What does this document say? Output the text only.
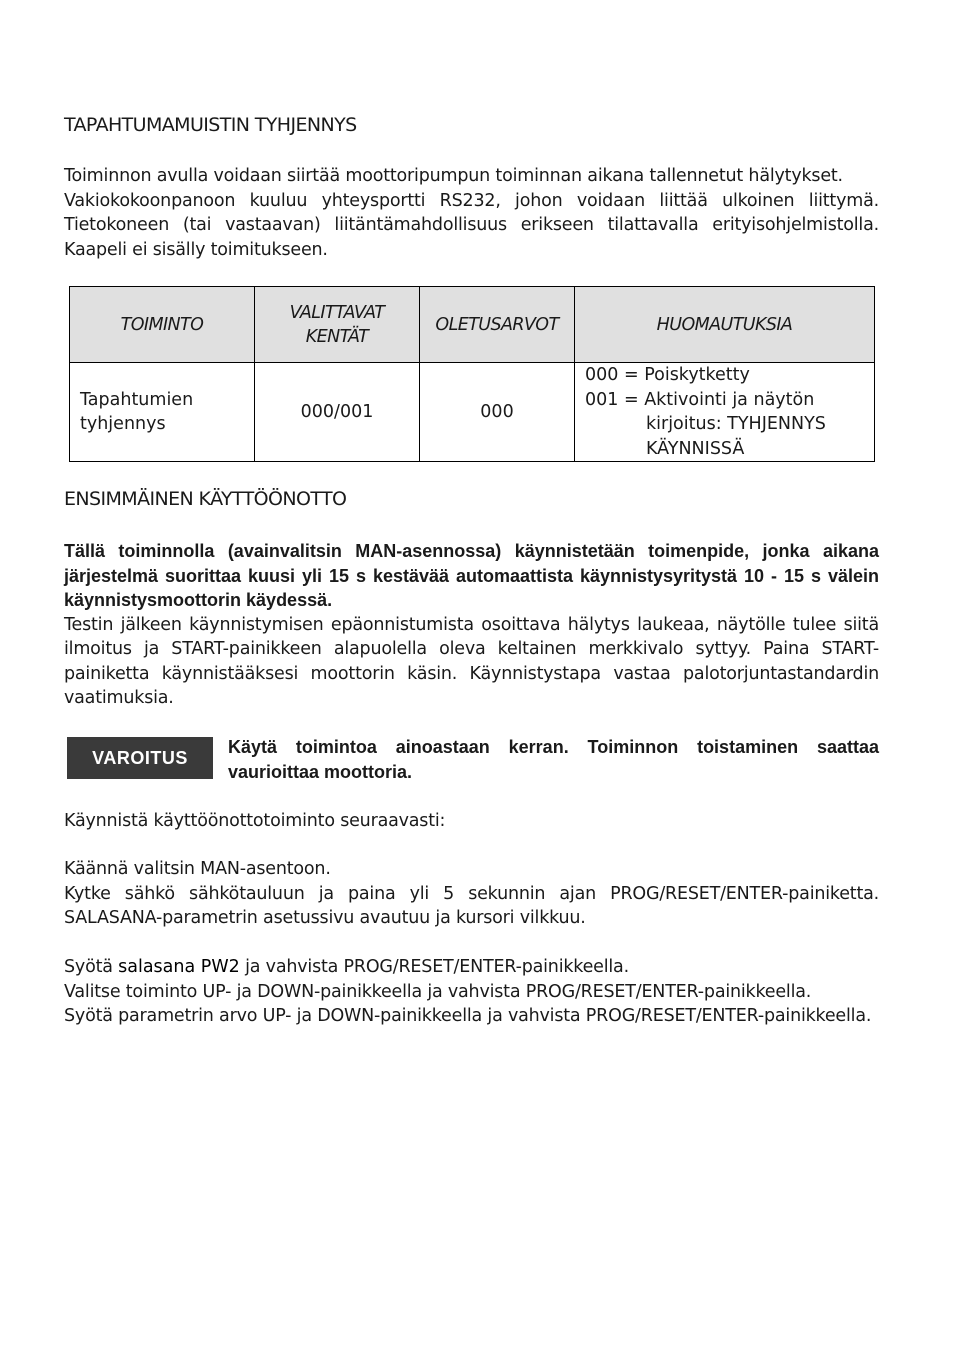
TAPAHTUMAMUISTIN TYHJENNYS
Toiminnon avulla voidaan siirtää moottoripumpun toiminnan aikana tallennetut hälytykset.
Vakiokokoonpanoon kuuluu yhteysportti RS232, johon voidaan liittää ulkoinen liittymä.
Tietokoneen (tai vastaavan) liitäntämahdollisuus erikseen tilattavalla erityisohjelmistolla.
Kaapeli ei sisälly toimitukseen.
TOIMINTO	VALITTAVAT KENTÄT	OLETUSARVOT	HUOMAUTUKSIA
Tapahtumien tyhjennys	000/001	000	000 = Poiskytketty
001 = Aktivointi ja näytön
kirjoitus: TYHJENNYS
KÄYNNISSÄ
ENSIMMÄINEN KÄYTTÖÖNOTTO
Tällä toiminnolla (avainvalitsin MAN-asennossa) käynnistetään toimenpide, jonka aikana
järjestelmä suorittaa kuusi yli 15 s kestävää automaattista käynnistysyritystä 10 - 15 s välein
käynnistysmoottorin käydessä.
Testin jälkeen käynnistymisen epäonnistumista osoittava hälytys laukeaa, näytölle tulee siitä
ilmoitus ja START-painikkeen alapuolella oleva keltainen merkkivalo syttyy. Paina START-
painiketta käynnistääksesi moottorin käsin. Käynnistystapa vastaa palotorjuntastandardin
vaatimuksia.
VAROITUS
Käytä toimintoa ainoastaan kerran. Toiminnon toistaminen saattaa
vaurioittaa moottoria.
Käynnistä käyttöönottotoiminto seuraavasti:
Käännä valitsin MAN-asentoon.
Kytke sähkö sähkötauluun ja paina yli 5 sekunnin ajan PROG/RESET/ENTER-painiketta.
SALASANA-parametrin asetussivu avautuu ja kursori vilkkuu.
Syötä salasana PW2 ja vahvista PROG/RESET/ENTER-painikkeella.
Valitse toiminto UP- ja DOWN-painikkeella ja vahvista PROG/RESET/ENTER-painikkeella.
Syötä parametrin arvo UP- ja DOWN-painikkeella ja vahvista PROG/RESET/ENTER-painikkeella.
